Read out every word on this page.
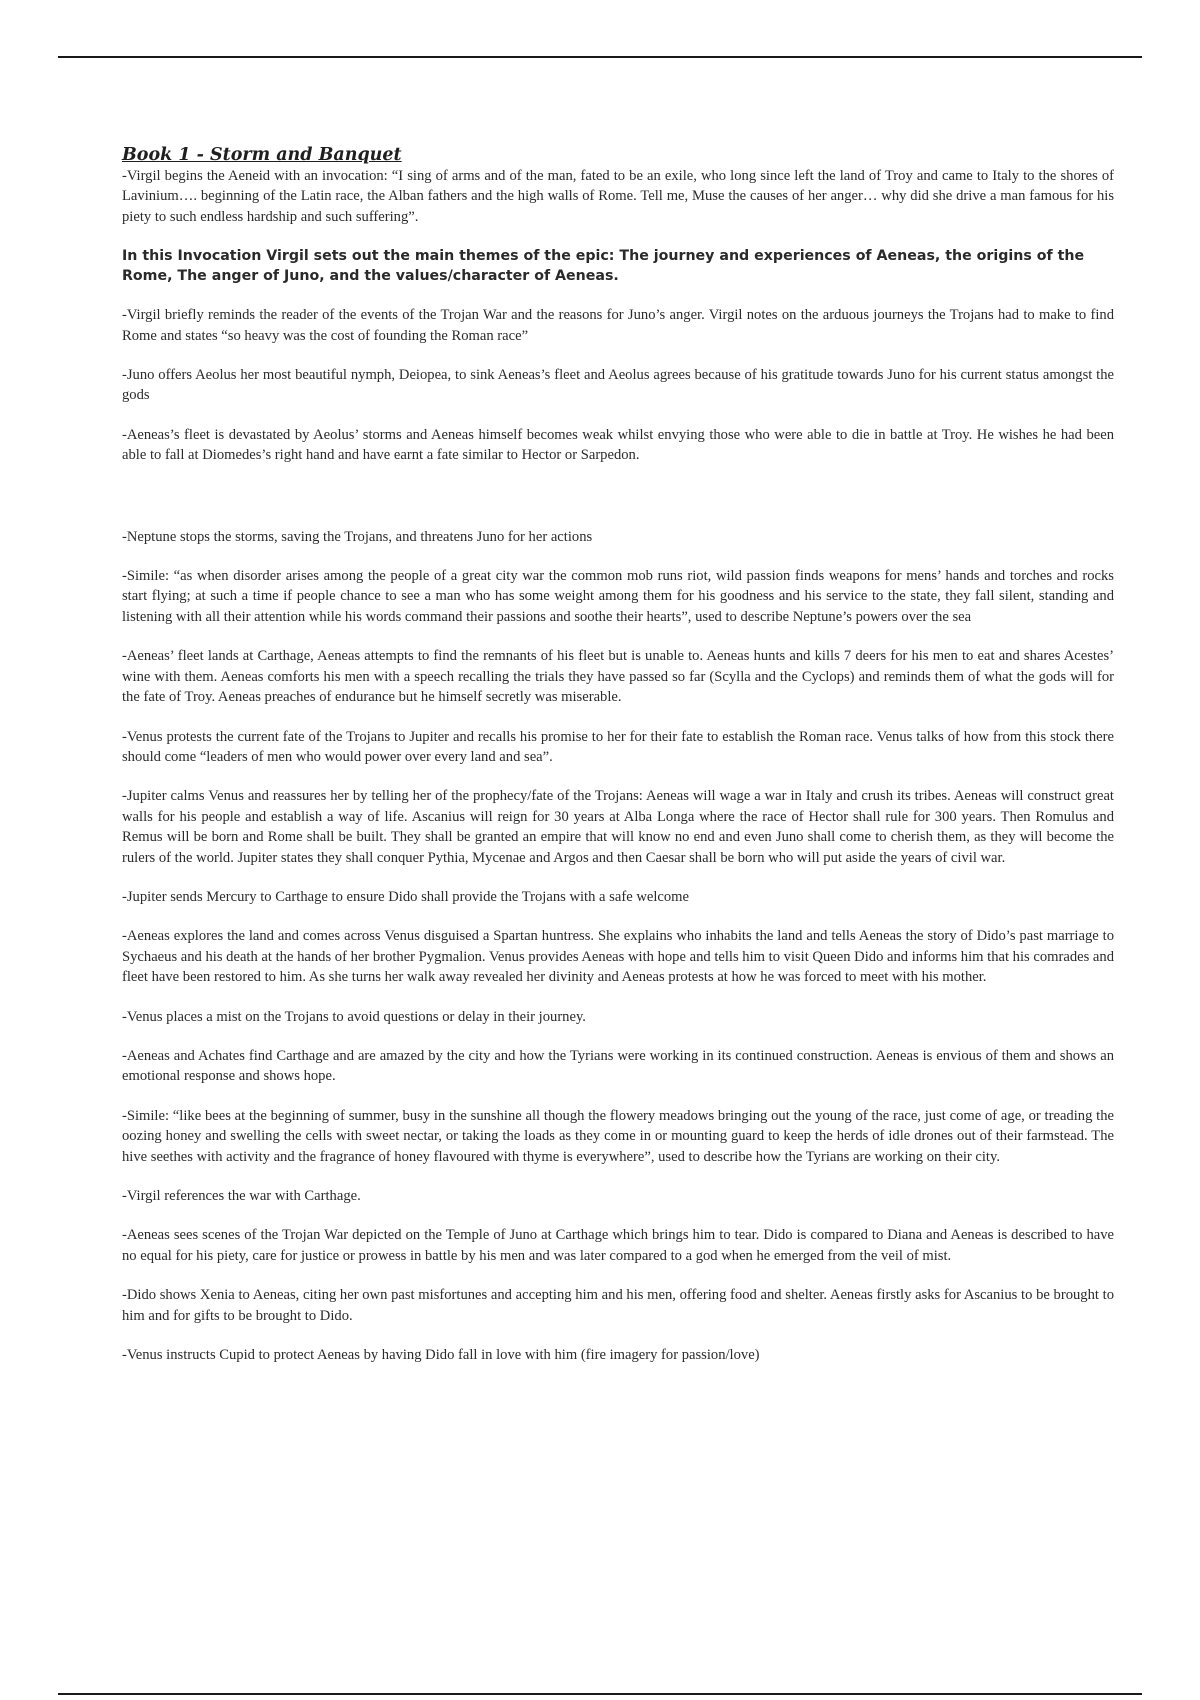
Book 1 - Storm and Banquet

-Virgil begins the Aeneid with an invocation: “I sing of arms and of the man, fated to be an exile, who long since left the land of Troy and came to Italy to the shores of Lavinium…. beginning of the Latin race, the Alban fathers and the high walls of Rome. Tell me, Muse the causes of her anger… why did she drive a man famous for his piety to such endless hardship and such suffering”.

In this Invocation Virgil sets out the main themes of the epic: The journey and experiences of Aeneas, the origins of the Rome, The anger of Juno, and the values/character of Aeneas.

-Virgil briefly reminds the reader of the events of the Trojan War and the reasons for Juno’s anger. Virgil notes on the arduous journeys the Trojans had to make to find Rome and states “so heavy was the cost of founding the Roman race”

-Juno offers Aeolus her most beautiful nymph, Deiopea, to sink Aeneas’s fleet and Aeolus agrees because of his gratitude towards Juno for his current status amongst the gods

-Aeneas’s fleet is devastated by Aeolus’ storms and Aeneas himself becomes weak whilst envying those who were able to die in battle at Troy. He wishes he had been able to fall at Diomedes’s right hand and have earnt a fate similar to Hector or Sarpedon.

-Neptune stops the storms, saving the Trojans, and threatens Juno for her actions

-Simile: “as when disorder arises among the people of a great city war the common mob runs riot, wild passion finds weapons for mens’ hands and torches and rocks start flying; at such a time if people chance to see a man who has some weight among them for his goodness and his service to the state, they fall silent, standing and listening with all their attention while his words command their passions and soothe their hearts”, used to describe Neptune’s powers over the sea

-Aeneas’ fleet lands at Carthage, Aeneas attempts to find the remnants of his fleet but is unable to. Aeneas hunts and kills 7 deers for his men to eat and shares Acestes’ wine with them. Aeneas comforts his men with a speech recalling the trials they have passed so far (Scylla and the Cyclops) and reminds them of what the gods will for the fate of Troy. Aeneas preaches of endurance but he himself secretly was miserable.

-Venus protests the current fate of the Trojans to Jupiter and recalls his promise to her for their fate to establish the Roman race. Venus talks of how from this stock there should come “leaders of men who would power over every land and sea”.

-Jupiter calms Venus and reassures her by telling her of the prophecy/fate of the Trojans: Aeneas will wage a war in Italy and crush its tribes. Aeneas will construct great walls for his people and establish a way of life. Ascanius will reign for 30 years at Alba Longa where the race of Hector shall rule for 300 years. Then Romulus and Remus will be born and Rome shall be built. They shall be granted an empire that will know no end and even Juno shall come to cherish them, as they will become the rulers of the world. Jupiter states they shall conquer Pythia, Mycenae and Argos and then Caesar shall be born who will put aside the years of civil war.

-Jupiter sends Mercury to Carthage to ensure Dido shall provide the Trojans with a safe welcome

-Aeneas explores the land and comes across Venus disguised a Spartan huntress. She explains who inhabits the land and tells Aeneas the story of Dido’s past marriage to Sychaeus and his death at the hands of her brother Pygmalion. Venus provides Aeneas with hope and tells him to visit Queen Dido and informs him that his comrades and fleet have been restored to him. As she turns her walk away revealed her divinity and Aeneas protests at how he was forced to meet with his mother.

-Venus places a mist on the Trojans to avoid questions or delay in their journey.

-Aeneas and Achates find Carthage and are amazed by the city and how the Tyrians were working in its continued construction. Aeneas is envious of them and shows an emotional response and shows hope.

-Simile: “like bees at the beginning of summer, busy in the sunshine all though the flowery meadows bringing out the young of the race, just come of age, or treading the oozing honey and swelling the cells with sweet nectar, or taking the loads as they come in or mounting guard to keep the herds of idle drones out of their farmstead. The hive seethes with activity and the fragrance of honey flavoured with thyme is everywhere”, used to describe how the Tyrians are working on their city.

-Virgil references the war with Carthage.

-Aeneas sees scenes of the Trojan War depicted on the Temple of Juno at Carthage which brings him to tear. Dido is compared to Diana and Aeneas is described to have no equal for his piety, care for justice or prowess in battle by his men and was later compared to a god when he emerged from the veil of mist.

-Dido shows Xenia to Aeneas, citing her own past misfortunes and accepting him and his men, offering food and shelter. Aeneas firstly asks for Ascanius to be brought to him and for gifts to be brought to Dido.

-Venus instructs Cupid to protect Aeneas by having Dido fall in love with him (fire imagery for passion/love)
